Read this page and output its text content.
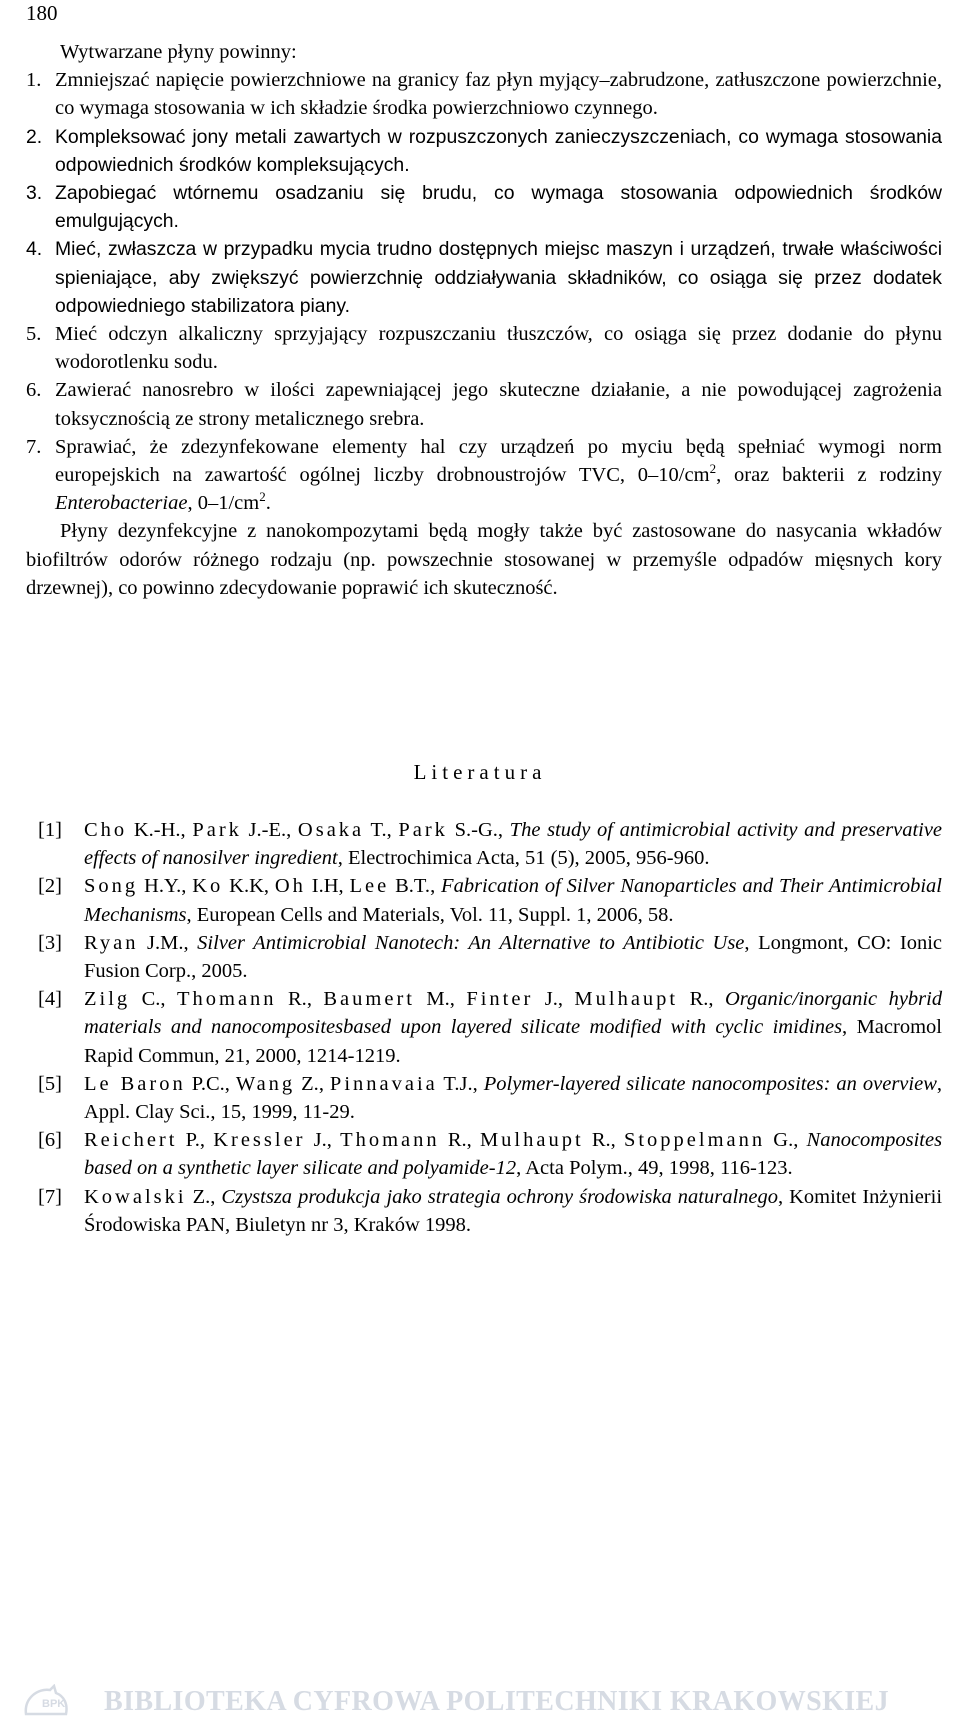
180

Wytwarzane płyny powinny:

1. Zmniejszać napięcie powierzchniowe na granicy faz płyn myjący–zabrudzone, zatłuszczone powierzchnie, co wymaga stosowania w ich składzie środka powierzchniowo czynnego.
2. Kompleksować jony metali zawartych w rozpuszczonych zanieczyszczeniach, co wymaga stosowania odpowiednich środków kompleksujących.
3. Zapobiegać wtórnemu osadzaniu się brudu, co wymaga stosowania odpowiednich środków emulgujących.
4. Mieć, zwłaszcza w przypadku mycia trudno dostępnych miejsc maszyn i urządzeń, trwałe właściwości spieniające, aby zwiększyć powierzchnię oddziaływania składników, co osiąga się przez dodatek odpowiedniego stabilizatora piany.
5. Mieć odczyn alkaliczny sprzyjający rozpuszczaniu tłuszczów, co osiąga się przez dodanie do płynu wodorotlenku sodu.
6. Zawierać nanosrebro w ilości zapewniającej jego skuteczne działanie, a nie powodującej zagrożenia toksycznością ze strony metalicznego srebra.
7. Sprawiać, że zdezynfekowane elementy hal czy urządzeń po myciu będą spełniać wymogi norm europejskich na zawartość ogólnej liczby drobnoustrojów TVC, $0-10/cm^2$, oraz bakterii z rodziny Enterobacteriae, $0-1/cm^2$.

Płyny dezynfekcyjne z nanokompozytami będą mogły także być zastosowane do nasycania wkładów biofiltrów odorów różnego rodzaju (np. powszechnie stosowanej w przemyśle odpadów mięsnych kory drzewnej), co powinno zdecydowanie poprawić ich skuteczność.

Literatura
[1] Cho K.-H., Park J.-E., Osaka T., Park S.-G., The study of antimicrobial activity and preservative effects of nanosilver ingredient, Electrochimica Acta, 51 (5), 2005, 956-960.
[2] Song H.Y., Ko K.K, Oh I.H, Lee B.T., Fabrication of Silver Nanoparticles and Their Antimicrobial Mechanisms, European Cells and Materials, Vol. 11, Suppl. 1, 2006, 58.
[3] Ryan J.M., Silver Antimicrobial Nanotech: An Alternative to Antibiotic Use, Longmont, CO: Ionic Fusion Corp., 2005.
[4] Zilg C., Thomann R., Baumert M., Finter J., Mulhaupt R., Organic/inorganic hybrid materials and nanocompositesbased upon layered silicate modified with cyclic imidines, Macromol Rapid Commun, 21, 2000, 1214-1219.
[5] Le Baron P.C., Wang Z., Pinnavaia T.J., Polymer-layered silicate nanocomposites: an overview, Appl. Clay Sci., 15, 1999, 11-29.
[6] Reichert P., Kressler J., Thomann R., Mulhaupt R., Stoppelmann G., Nanocomposites based on a synthetic layer silicate and polyamide-12, Acta Polym., 49, 1998, 116-123.
[7] Kowalski Z., Czystsza produkcja jako strategia ochrony środowiska naturalnego, Komitet Inżynierii Środowiska PAN, Biuletyn nr 3, Kraków 1998.
BPK BIBLIOTEKA CYFROWA POLITECHNIKI KRAKOWSKIEJ
